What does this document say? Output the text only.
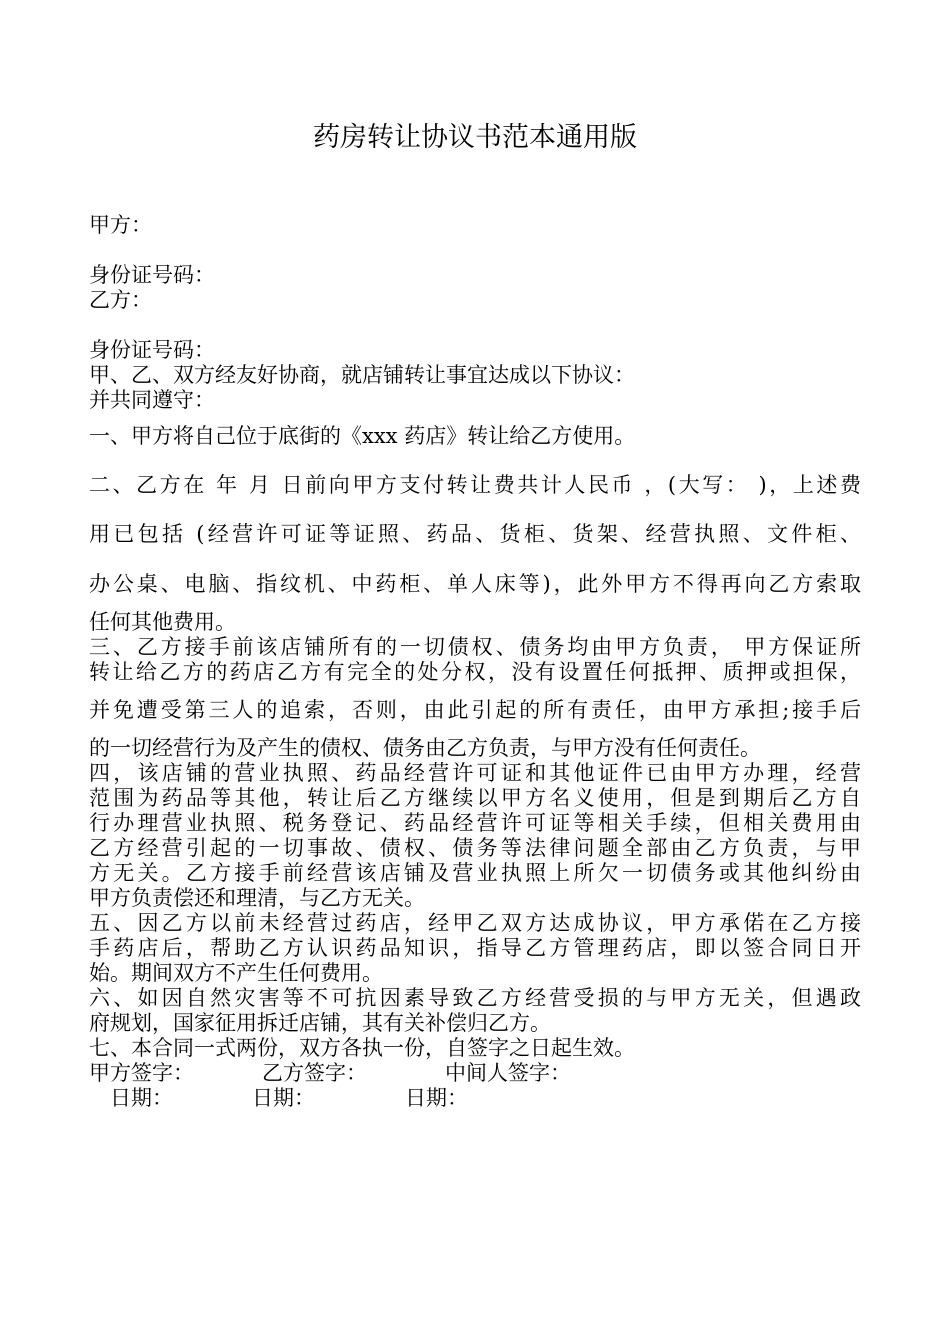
药房转让协议书范本通用版
甲方：
身份证号码：
乙方：
身份证号码：
甲、乙、双方经友好协商，就店铺转让事宜达成以下协议：
并共同遵守：
一、甲方将自己位于底街的《xxx 药店》转让给乙方使用。
二、乙方在 年 月 日前向甲方支付转让费共计人民币 ，(大写： )，上述费
用已包括 (经营许可证等证照、药品、货柜、货架、经营执照、文件柜、
办公桌、电脑、指纹机、中药柜、单人床等)，此外甲方不得再向乙方索取
任何其他费用。
三、乙方接手前该店铺所有的一切债权、债务均由甲方负责， 甲方保证所
转让给乙方的药店乙方有完全的处分权，没有设置任何抵押、质押或担保，
并免遭受第三人的追索，否则，由此引起的所有责任，由甲方承担;接手后
的一切经营行为及产生的债权、债务由乙方负责，与甲方没有任何责任。
四，该店铺的营业执照、药品经营许可证和其他证件已由甲方办理，经营
范围为药品等其他，转让后乙方继续以甲方名义使用，但是到期后乙方自
行办理营业执照、税务登记、药品经营许可证等相关手续，但相关费用由
乙方经营引起的一切事故、债权、债务等法律问题全部由乙方负责，与甲
方无关。乙方接手前经营该店铺及营业执照上所欠一切债务或其他纠纷由
甲方负责偿还和理清，与乙方无关。
五、因乙方以前未经营过药店，经甲乙双方达成协议，甲方承偌在乙方接
手药店后，帮助乙方认识药品知识，指导乙方管理药店，即以签合同日开
始。期间双方不产生任何费用。
六、如因自然灾害等不可抗因素导致乙方经营受损的与甲方无关，但遇政
府规划，国家征用拆迁店铺，其有关补偿归乙方。
七、本合同一式两份，双方各执一份，自签字之日起生效。
甲方签字：	乙方签字：	中间人签字：
日期：	日期：	日期：
